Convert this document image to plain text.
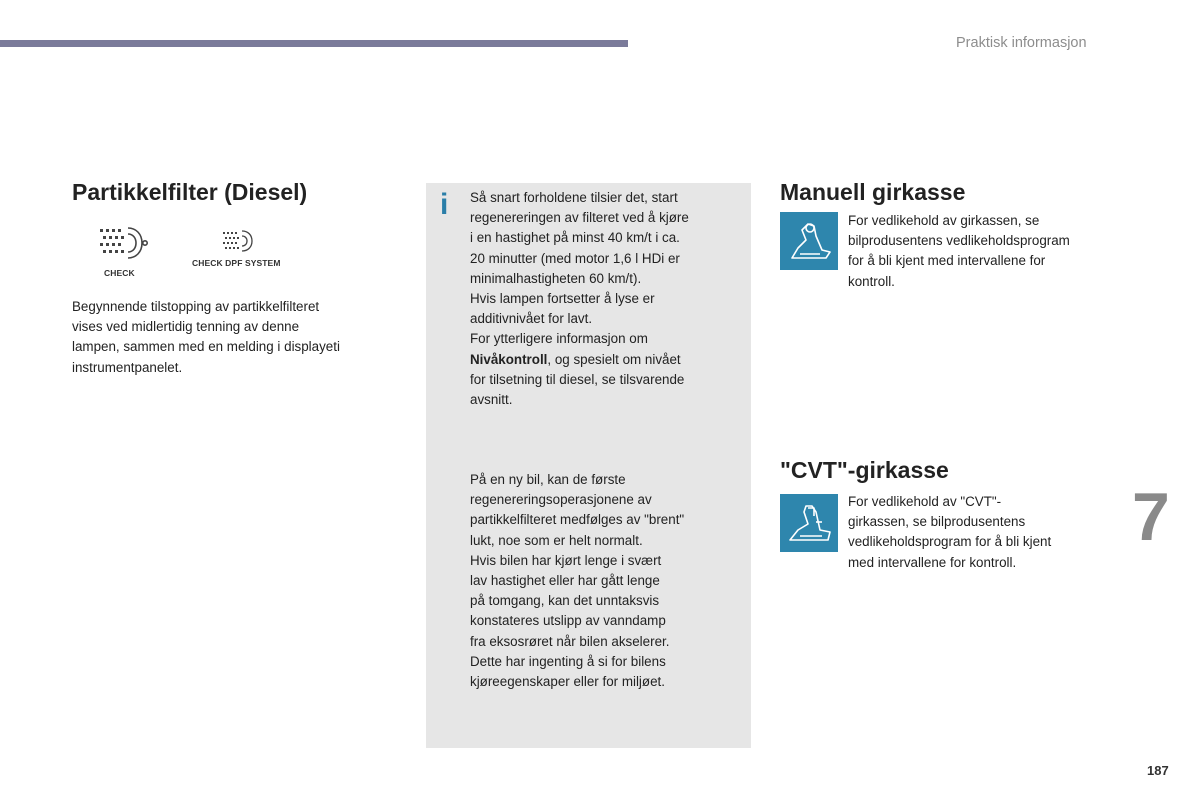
Praktisk informasjon
Partikkelfilter (Diesel)
CHECK
CHECK DPF SYSTEM
Begynnende tilstopping av partikkelfilteret
vises ved midlertidig tenning av denne
lampen, sammen med en melding i displayeti
instrumentpanelet.
i Så snart forholdene tilsier det, start
regenereringen av filteret ved å kjøre
i en hastighet på minst 40 km/t i ca.
20 minutter (med motor 1,6 l HDi er
minimalhastigheten 60 km/t).
Hvis lampen fortsetter å lyse er
additivnivået for lavt.
For ytterligere informasjon om
Nivåkontroll, og spesielt om nivået
for tilsetning til diesel, se tilsvarende
avsnitt.
På en ny bil, kan de første
regenereringsoperasjonene av
partikkelfilteret medfølges av "brent"
lukt, noe som er helt normalt.
Hvis bilen har kjørt lenge i svært
lav hastighet eller har gått lenge
på tomgang, kan det unntaksvis
konstateres utslipp av vanndamp
fra eksosrøret når bilen akselerer.
Dette har ingenting å si for bilens
kjøreegenskaper eller for miljøet.
Manuell girkasse
For vedlikehold av girkassen, se
bilprodusentens vedlikeholdsprogram
for å bli kjent med intervallene for
kontroll.
"CVT"-girkasse
For vedlikehold av "CVT"-
girkassen, se bilprodusentens
vedlikeholdsprogram for å bli kjent
med intervallene for kontroll.
7
187
